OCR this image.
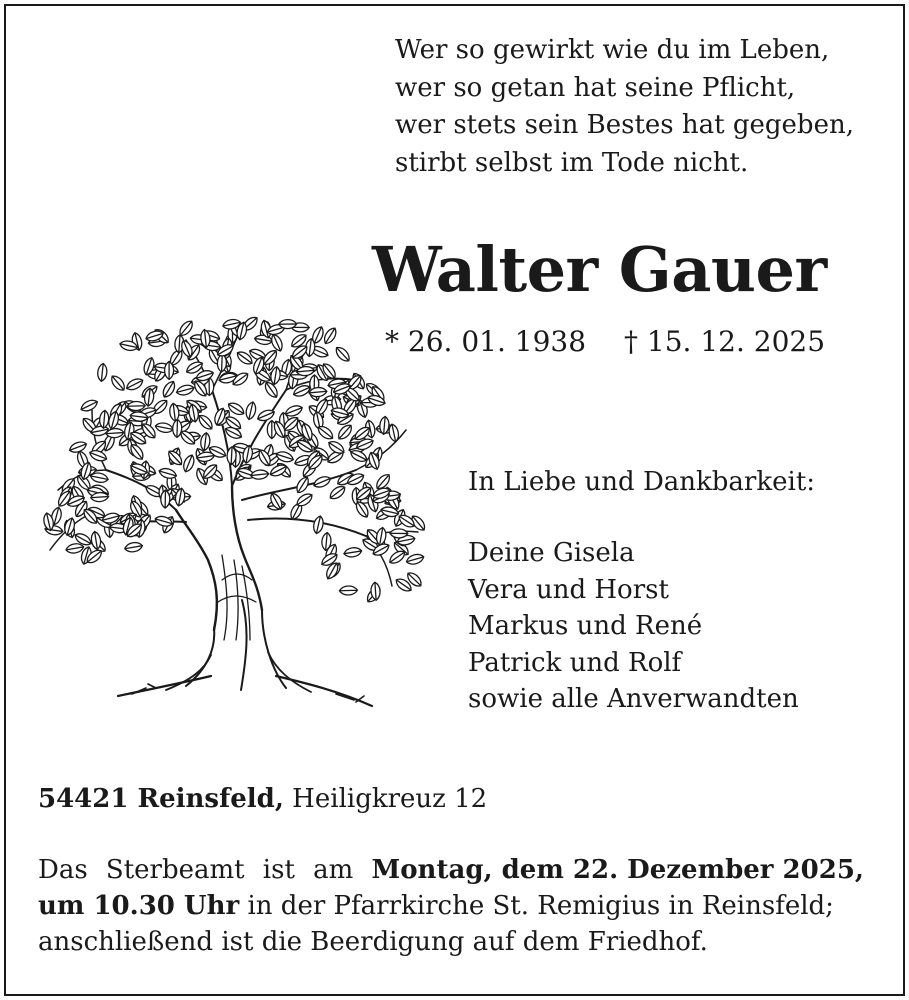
Wer so gewirkt wie du im Leben,
wer so getan hat seine Pflicht,
wer stets sein Bestes hat gegeben,
stirbt selbst im Tode nicht.
Walter Gauer
* 26. 01. 1938 † 15. 12. 2025
In Liebe und Dankbarkeit:
Deine Gisela
Vera und Horst
Markus und René
Patrick und Rolf
sowie alle Anverwandten
54421 Reinsfeld, Heiligkreuz 12
Das Sterbeamt ist am Montag, dem 22. Dezember 2025,
um 10.30 Uhr in der Pfarrkirche St. Remigius in Reinsfeld;
anschließend ist die Beerdigung auf dem Friedhof.
